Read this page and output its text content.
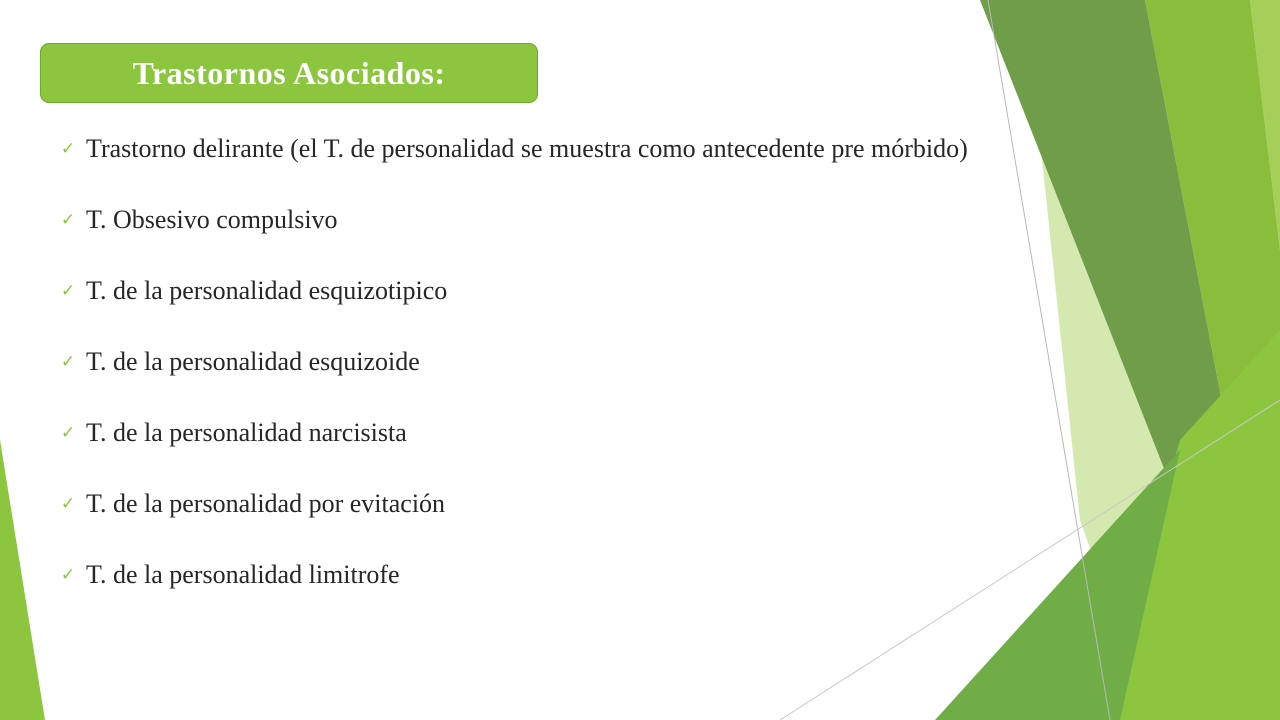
Trastornos Asociados:
✓ Trastorno delirante (el T. de personalidad se muestra como antecedente pre mórbido)
✓ T. Obsesivo compulsivo
✓ T. de la personalidad esquizotipico
✓ T. de la personalidad esquizoide
✓ T. de la personalidad narcisista
✓ T. de la personalidad por evitación
✓ T. de la personalidad limitrofe
